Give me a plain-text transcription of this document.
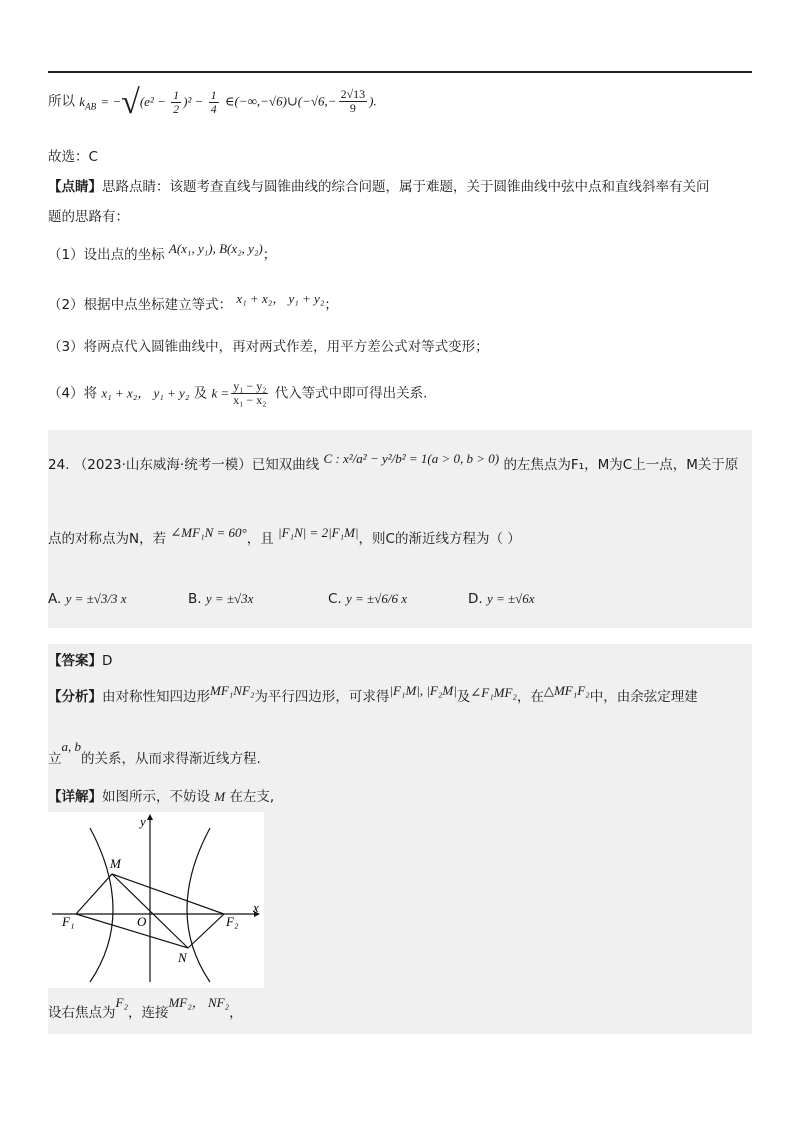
所以 $k_{AB} = -√(e^2 - \frac{1}{2} )^2 - \frac{1}{4}$ ∈(−∞,−√6)∪(−√6,− $\frac{2√13}{9}$ ).
故选：C
【点睛】思路点睛：该题考查直线与圆锥曲线的综合问题，属于难题，关于圆锥曲线中弦中点和直线斜率有关问
题的思路有：
（1）设出点的坐标 A(x₁, y₁), B(x₂, y₂)；
（2）根据中点坐标建立等式： x₁ + x₂， y₁ + y₂；
（3）将两点代入圆锥曲线中，再对两式作差，用平方差公式对等式变形；
（4）将 x₁ + x₂， y₁ + y₂ 及 $k = \frac{\text{y₁ − y₂}}{\text{x₁ − x₂}}$ 代入等式中即可得出关系.
24. （2023·山东威海·统考一模）已知双曲线 C : x²/a² − y²/b² = 1(a > 0, b > 0) 的左焦点为F₁，M为C上一点，M关于原
点的对称点为N，若 ∠MF₁N = 60°，且 |F₁N| = 2|F₁M|，则C的渐近线方程为（ ）
A. y = ±√3/3 x	B. y = ±√3x	C. y = ±√6/6 x	D. y = ±√6x
【答案】D
【分析】由对称性知四边形MF₁NF₂为平行四边形，可求得|F₁M|, |F₂M|及∠F₁MF₂，在△MF₁F₂中，由余弦定理建
立a, b的关系，从而求得渐近线方程.
【详解】如图所示，不妨设 M 在左支,
y
x
M
N
O
F₁	F₂
设右焦点为F₂，连接MF₂， NF₂，
